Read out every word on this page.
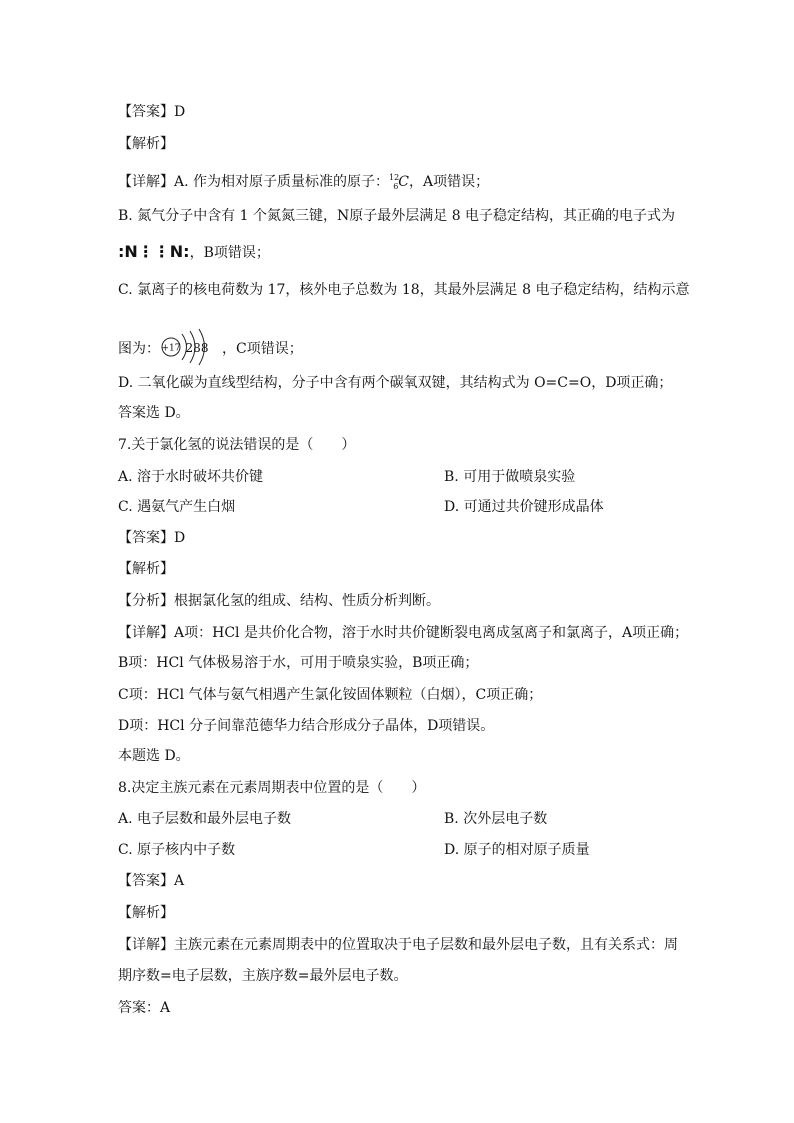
【答案】D
【解析】
【详解】A. 作为相对原子质量标准的原子：$^{12}_6$C，A项错误；
B. 氮气分子中含有 1 个氮氮三键，N原子最外层满足 8 电子稳定结构，其正确的电子式为
:N⋮⋮N:，B项错误；
C. 氯离子的核电荷数为 17，核外电子总数为 18，其最外层满足 8 电子稳定结构，结构示意
图为： +17 288 ，C项错误；
D. 二氧化碳为直线型结构，分子中含有两个碳氧双键，其结构式为 O=C=O，D项正确；
答案选 D。
7.关于氯化氢的说法错误的是（　　）
A. 溶于水时破坏共价键	B. 可用于做喷泉实验
C. 遇氨气产生白烟	D. 可通过共价键形成晶体
【答案】D
【解析】
【分析】根据氯化氢的组成、结构、性质分析判断。
【详解】A项：HCl 是共价化合物，溶于水时共价键断裂电离成氢离子和氯离子，A项正确；
B项：HCl 气体极易溶于水，可用于喷泉实验，B项正确；
C项：HCl 气体与氨气相遇产生氯化铵固体颗粒（白烟），C项正确；
D项：HCl 分子间靠范德华力结合形成分子晶体，D项错误。
本题选 D。
8.决定主族元素在元素周期表中位置的是（　　）
A. 电子层数和最外层电子数	B. 次外层电子数
C. 原子核内中子数	D. 原子的相对原子质量
【答案】A
【解析】
【详解】主族元素在元素周期表中的位置取决于电子层数和最外层电子数，且有关系式：周
期序数=电子层数，主族序数=最外层电子数。
答案：A
